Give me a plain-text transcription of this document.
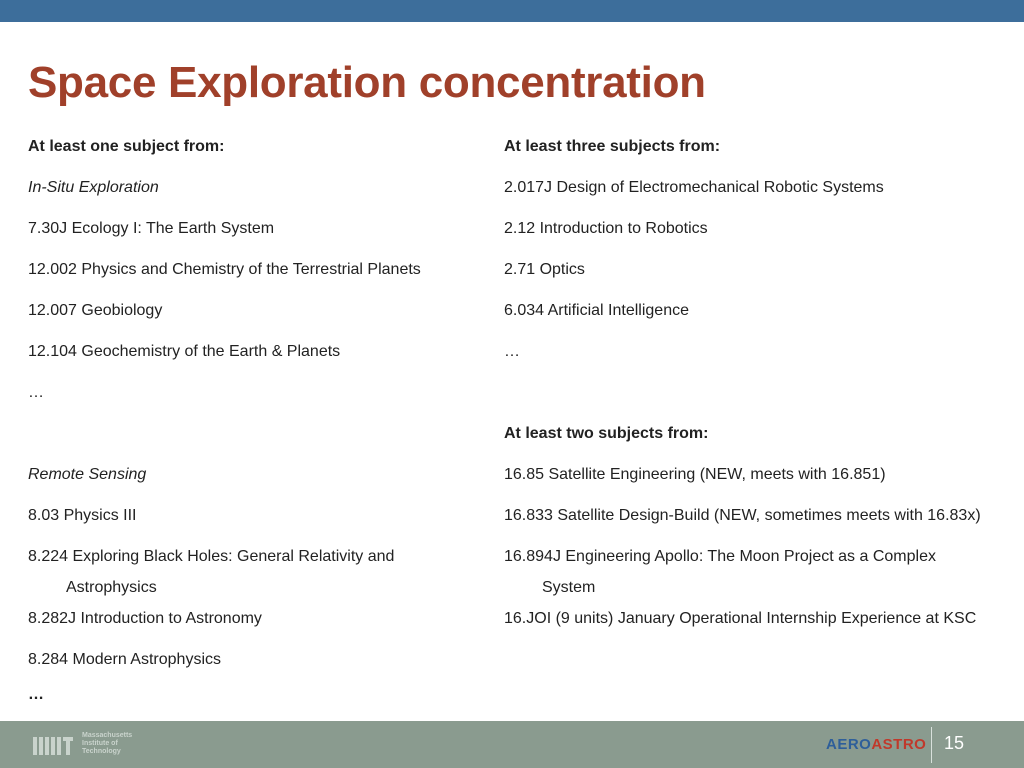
Space Exploration concentration
At least one subject from:
In-Situ Exploration
7.30J Ecology I: The Earth System
12.002 Physics and Chemistry of the Terrestrial Planets
12.007 Geobiology
12.104 Geochemistry of the Earth & Planets
…
Remote Sensing
8.03 Physics III
8.224 Exploring Black Holes: General Relativity and Astrophysics
8.282J Introduction to Astronomy
8.284 Modern Astrophysics
…
At least three subjects from:
2.017J Design of Electromechanical Robotic Systems
2.12 Introduction to Robotics
2.71 Optics
6.034 Artificial Intelligence
…
At least two subjects from:
16.85 Satellite Engineering (NEW, meets with 16.851)
16.833 Satellite Design-Build (NEW, sometimes meets with 16.83x)
16.894J Engineering Apollo: The Moon Project as a Complex System
16.JOI (9 units) January Operational Internship Experience at KSC
Massachusetts
Institute of
Technology	AEROASTRO 15
